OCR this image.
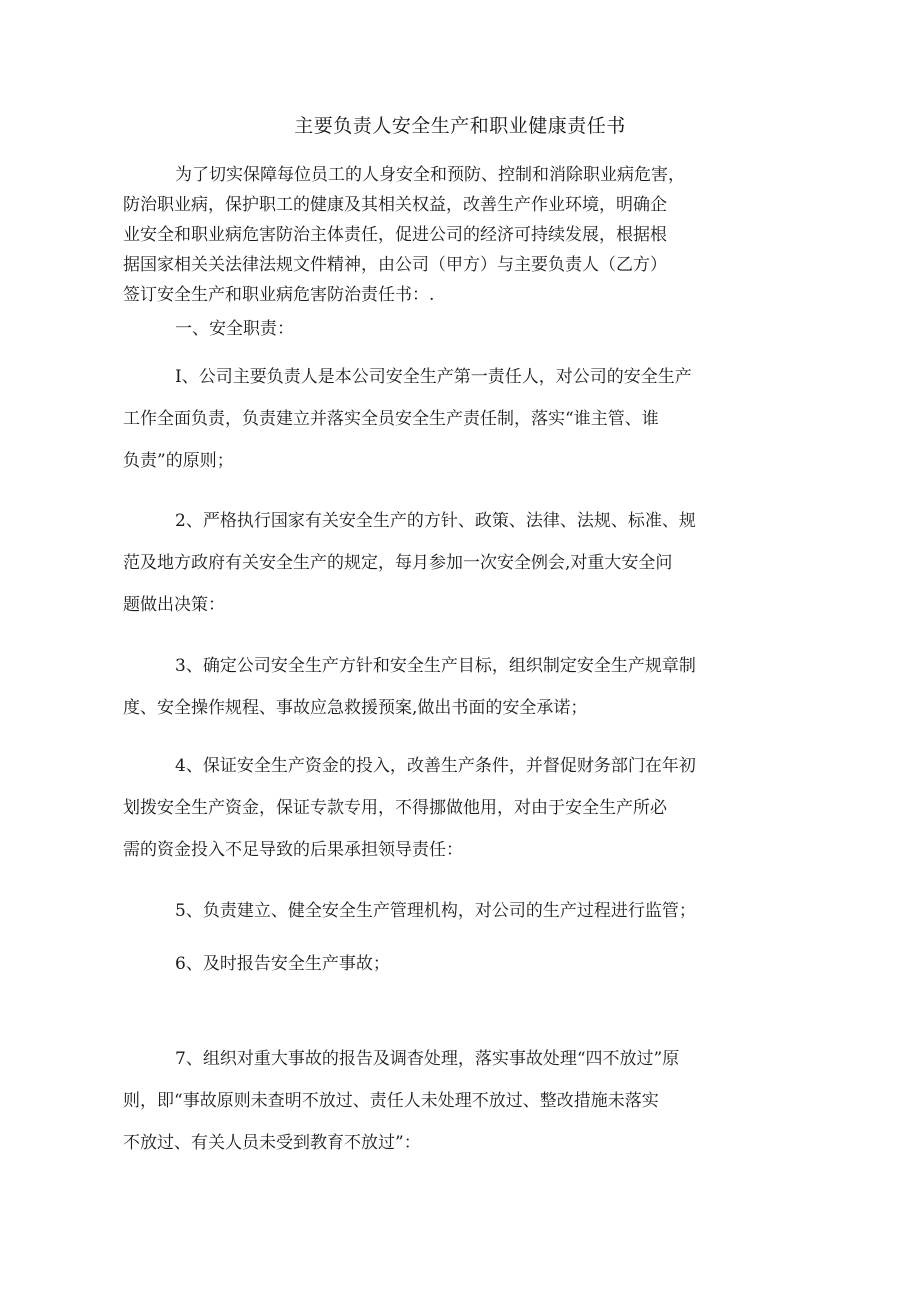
主要负责人安全生产和职业健康责任书

为了切实保障每位员工的人身安全和预防、控制和消除职业病危害，

防治职业病，保护职工的健康及其相关权益，改善生产作业环境，明确企

业安全和职业病危害防治主体责任，促进公司的经济可持续发展，根据根

据国家相关关法律法规文件精神，由公司（甲方）与主要负责人（乙方）

签订安全生产和职业病危害防治责任书：.

一、安全职责：

I、公司主要负责人是本公司安全生产第一责任人，对公司的安全生产
工作全面负责，负责建立并落实全员安全生产责任制，落实“谁主管、谁
负责”的原则；

2、严格执行国家有关安全生产的方针、政策、法律、法规、标准、规
范及地方政府有关安全生产的规定，每月参加一次安全例会,对重大安全问
题做出决策：

3、确定公司安全生产方针和安全生产目标，组织制定安全生产规章制
度、安全操作规程、事故应急救援预案,做出书面的安全承诺；

4、保证安全生产资金的投入，改善生产条件，并督促财务部门在年初
划拨安全生产资金，保证专款专用，不得挪做他用，对由于安全生产所必
需的资金投入不足导致的后果承担领导责任：

5、负责建立、健全安全生产管理机构，对公司的生产过程进行监管；

6、及时报告安全生产事故；

7、组织对重大事故的报告及调杳处理，落实事故处理“四不放过”原
则，即“事故原则未查明不放过、责任人未处理不放过、整改措施未落实
不放过、有关人员未受到教育不放过”：
